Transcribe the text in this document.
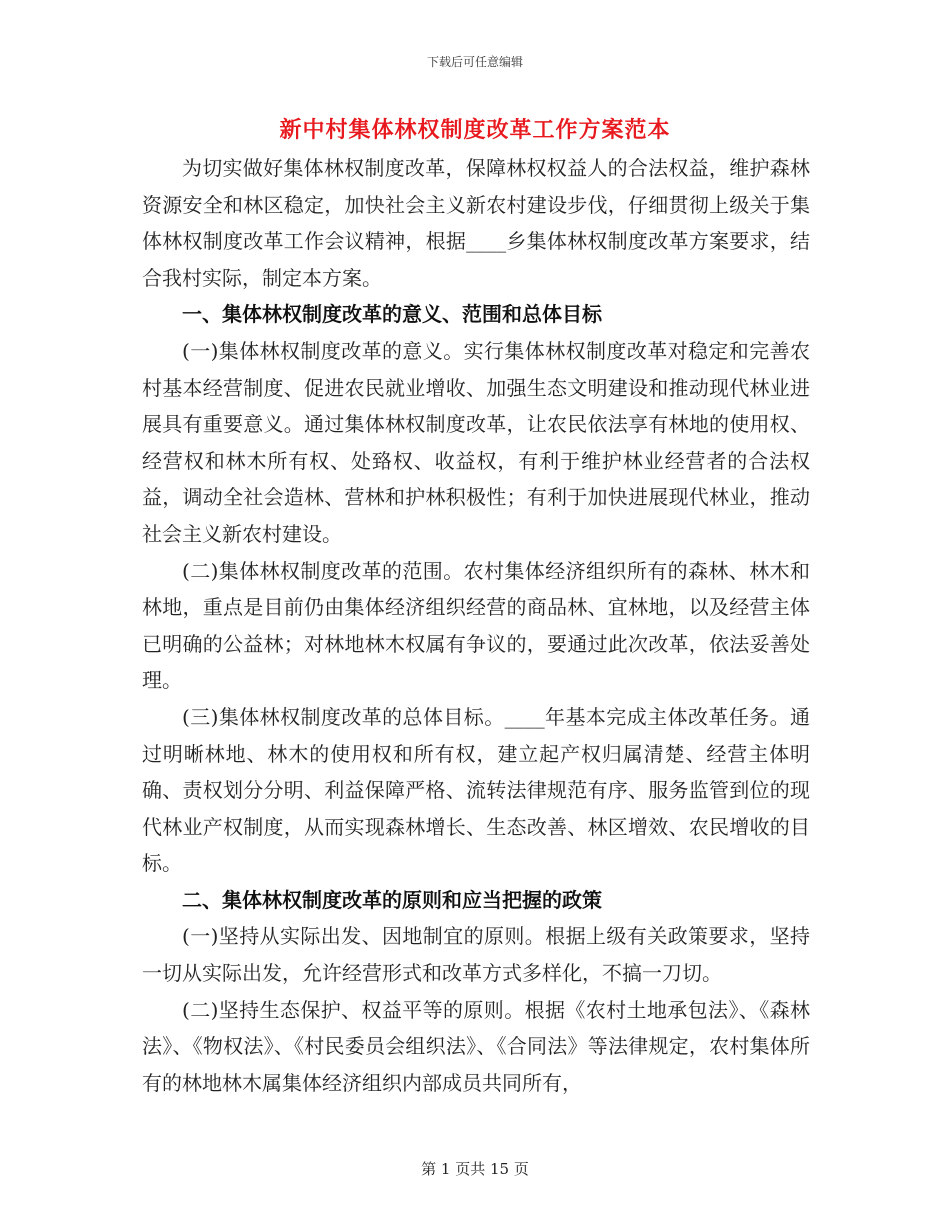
下载后可任意编辑
新中村集体林权制度改革工作方案范本

为切实做好集体林权制度改革，保障林权权益人的合法权益，维护森林资源安全和林区稳定，加快社会主义新农村建设步伐，仔细贯彻上级关于集体林权制度改革工作会议精神，根据____乡集体林权制度改革方案要求，结合我村实际，制定本方案。

一、集体林权制度改革的意义、范围和总体目标

(一)集体林权制度改革的意义。实行集体林权制度改革对稳定和完善农村基本经营制度、促进农民就业增收、加强生态文明建设和推动现代林业进展具有重要意义。通过集体林权制度改革，让农民依法享有林地的使用权、经营权和林木所有权、处臵权、收益权，有利于维护林业经营者的合法权益，调动全社会造林、营林和护林积极性；有利于加快进展现代林业，推动社会主义新农村建设。

(二)集体林权制度改革的范围。农村集体经济组织所有的森林、林木和林地，重点是目前仍由集体经济组织经营的商品林、宜林地，以及经营主体已明确的公益林；对林地林木权属有争议的，要通过此次改革，依法妥善处理。

(三)集体林权制度改革的总体目标。____年基本完成主体改革任务。通过明晰林地、林木的使用权和所有权，建立起产权归属清楚、经营主体明确、责权划分分明、利益保障严格、流转法律规范有序、服务监管到位的现代林业产权制度，从而实现森林增长、生态改善、林区增效、农民增收的目标。

二、集体林权制度改革的原则和应当把握的政策

(一)坚持从实际出发、因地制宜的原则。根据上级有关政策要求，坚持一切从实际出发，允许经营形式和改革方式多样化，不搞一刀切。

(二)坚持生态保护、权益平等的原则。根据《农村土地承包法》、《森林法》、《物权法》、《村民委员会组织法》、《合同法》等法律规定，农村集体所有的林地林木属集体经济组织内部成员共同所有，

第 1 页共 15 页
